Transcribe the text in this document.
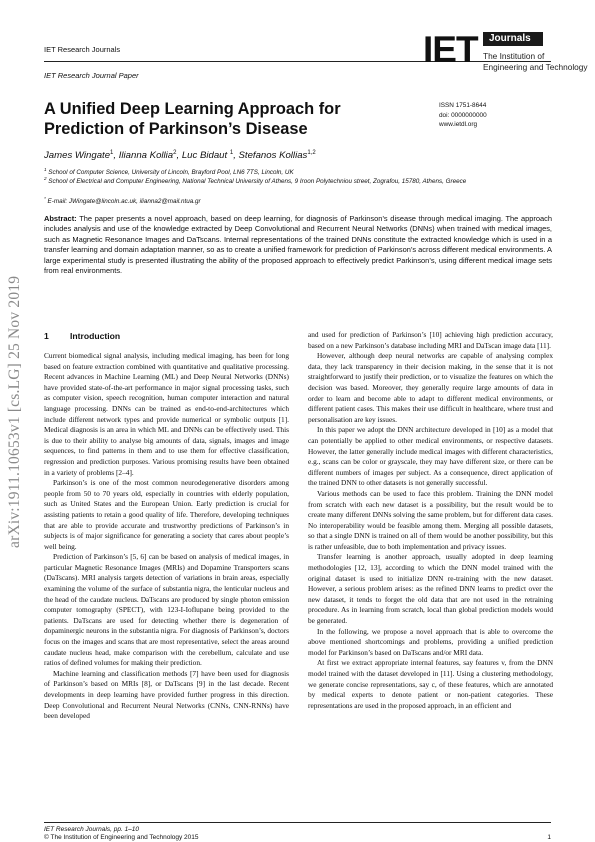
IET Research Journals
IET Research Journal Paper
IET	Journals
The Institution of
Engineering and Technology
arXiv:1911.10653v1 [cs.LG] 25 Nov 2019
A Unified Deep Learning Approach for Prediction of Parkinson’s Disease
ISSN 1751-8644
doi: 0000000000
www.ietdl.org
James Wingate$^1$, Ilianna Kollia$^2$, Luc Bidaut $^1$, Stefanos Kollias$^{1,2}$
$^1$ School of Computer Science, University of Lincoln, Brayford Pool, LN6 7TS, Lincoln, UK
$^2$ School of Electrical and Computer Engineering, National Technical University of Athens, 9 Iroon Polytechniou street, Zografou, 15780, Athens, Greece
* E-mail: JWingate@lincoln.ac.uk, ilianna2@mail.ntua.gr
Abstract: The paper presents a novel approach, based on deep learning, for diagnosis of Parkinson’s disease through medical imaging. The approach includes analysis and use of the knowledge extracted by Deep Convolutional and Recurrent Neural Networks (DNNs) when trained with medical images, such as Magnetic Resonance Images and DaTscans. Internal representations of the trained DNNs constitute the extracted knowledge which is used in a transfer learning and domain adaptation manner, so as to create a unified framework for prediction of Parkinson’s across different medical environments. A large experimental study is presented illustrating the ability of the proposed approach to effectively predict Parkinson’s, using different medical image sets from real environments.
1 Introduction

Current biomedical signal analysis, including medical imaging, has been for long based on feature extraction combined with quantitative and qualitative processing. Recent advances in Machine Learning (ML) and Deep Neural Networks (DNNs) have provided state-of-the-art performance in major signal processing tasks, such as computer vision, speech recognition, human computer interaction and natural language processing. DNNs can be trained as end-to-end-architectures which include different network types and provide numerical or symbolic outputs [1]. Medical diagnosis is an area in which ML and DNNs can be effectively used. This is due to their ability to analyse big amounts of data, signals, images and image sequences, to find patterns in them and to use them for effective classification, regression and prediction purposes. Various promising results have been obtained in a variety of problems [2–4].

Parkinson’s is one of the most common neurodegenerative disorders among people from 50 to 70 years old, especially in countries with elderly population, such as United States and the European Union. Early prediction is crucial for assisting patients to retain a good quality of life. Therefore, developing techniques that are able to provide accurate and trustworthy predictions of Parkinson’s in subjects is of major significance for generating a society that cares about people’s well being.

Prediction of Parkinson’s [5, 6] can be based on analysis of medical images, in particular Magnetic Resonance Images (MRIs) and Dopamine Transporters scans (DaTscans). MRI analysis targets detection of variations in brain areas, especially examining the volume of the surface of substantia nigra, the lenticular nucleus and the head of the caudate nucleus. DaTscans are produced by single photon emission computer tomography (SPECT), with 123-I-Ioflupane being provided to the patients. DaTscans are used for detecting whether there is degeneration of dopaminergic neurons in the substantia nigra. For diagnosis of Parkinson’s, doctors focus on the images and scans that are most representative, select the areas around caudate nucleus head, make comparison with the cerebellum, calculate and use ratios of defined volumes for making their prediction.

Machine learning and classification methods [7] have been used for diagnosis of Parkinson’s based on MRIs [8], or DaTscans [9] in the last decade. Recent developments in deep learning have provided further progress in this direction. Deep Convolutional and Recurrent Neural Networks (CNNs, CNN-RNNs) have been developed

and used for prediction of Parkinson’s [10] achieving high prediction accuracy, based on a new Parkinson’s database including MRI and DaTscan image data [11].

However, although deep neural networks are capable of analysing complex data, they lack transparency in their decision making, in the sense that it is not straightforward to justify their prediction, or to visualize the features on which the decision was based. Moreover, they generally require large amounts of data in order to learn and become able to adapt to different medical environments, or different patient cases. This makes their use difficult in healthcare, where trust and personalisation are key issues.

In this paper we adopt the DNN architecture developed in [10] as a model that can potentially be applied to other medical environments, or respective datasets. However, the latter generally include medical images with different characteristics, e.g., scans can be color or grayscale, they may have different size, or there can be different numbers of images per subject. As a consequence, direct application of the trained DNN to other datasets is not generally successful.

Various methods can be used to face this problem. Training the DNN model from scratch with each new dataset is a possibility, but the result would be to create many different DNNs solving the same problem, but for different data cases. No interoperability would be feasible among them. Merging all possible datasets, so that a single DNN is trained on all of them would be another possibility, but this is rather unfeasible, due to both implementation and privacy issues.

Transfer learning is another approach, usually adopted in deep learning methodologies [12, 13], according to which the DNN model trained with the original dataset is used to initialize DNN re-training with the new dataset. However, a serious problem arises: as the refined DNN learns to predict over the new dataset, it tends to forget the old data that are not used in the retraining procedure. As in learning from scratch, local than global prediction models would be generated.

In the following, we propose a novel approach that is able to overcome the above mentioned shortcomings and problems, providing a unified prediction model for Parkinson’s based on DaTscans and/or MRI data.

At first we extract appropriate internal features, say features v, from the DNN model trained with the dataset developed in [11]. Using a clustering methodology, we generate concise representations, say c, of these features, which are annotated by medical experts to denote patient or non-patient categories. These representations are used in the proposed approach, in an efficient and

IET Research Journals, pp. 1–10
© The Institution of Engineering and Technology 2015	1
